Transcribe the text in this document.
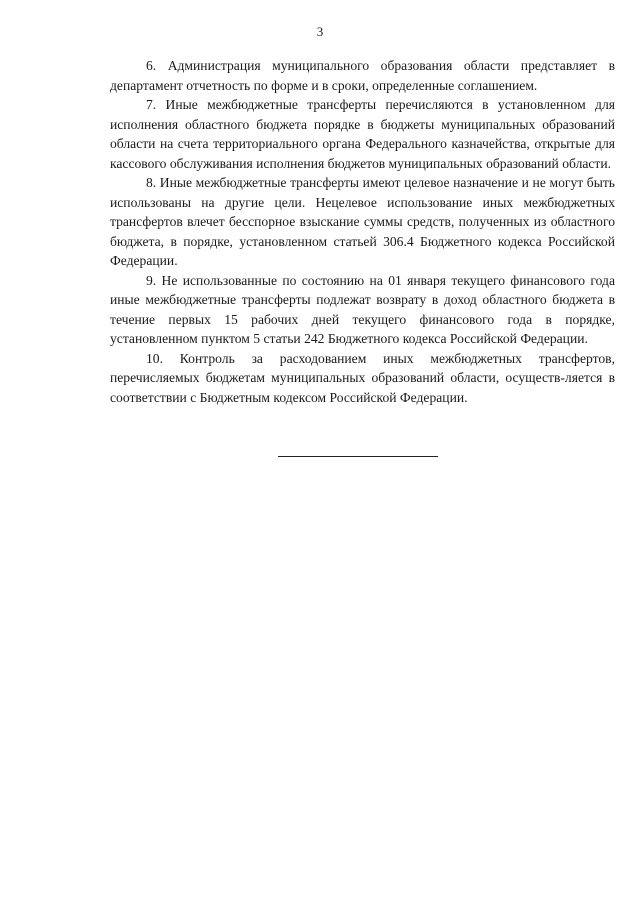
3

6. Администрация муниципального образования области представляет в департамент отчетность по форме и в сроки, определенные соглашением.

7. Иные межбюджетные трансферты перечисляются в установленном для исполнения областного бюджета порядке в бюджеты муниципальных образований области на счета территориального органа Федерального казначейства, открытые для кассового обслуживания исполнения бюджетов муниципальных образований области.

8. Иные межбюджетные трансферты имеют целевое назначение и не могут быть использованы на другие цели. Нецелевое использование иных межбюджетных трансфертов влечет бесспорное взыскание суммы средств, полученных из областного бюджета, в порядке, установленном статьей 306.4 Бюджетного кодекса Российской Федерации.

9. Не использованные по состоянию на 01 января текущего финансового года иные межбюджетные трансферты подлежат возврату в доход областного бюджета в течение первых 15 рабочих дней текущего финансового года в порядке, установленном пунктом 5 статьи 242 Бюджетного кодекса Российской Федерации.

10. Контроль за расходованием иных межбюджетных трансфертов, перечисляемых бюджетам муниципальных образований области, осуществ-ляется в соответствии с Бюджетным кодексом Российской Федерации.
